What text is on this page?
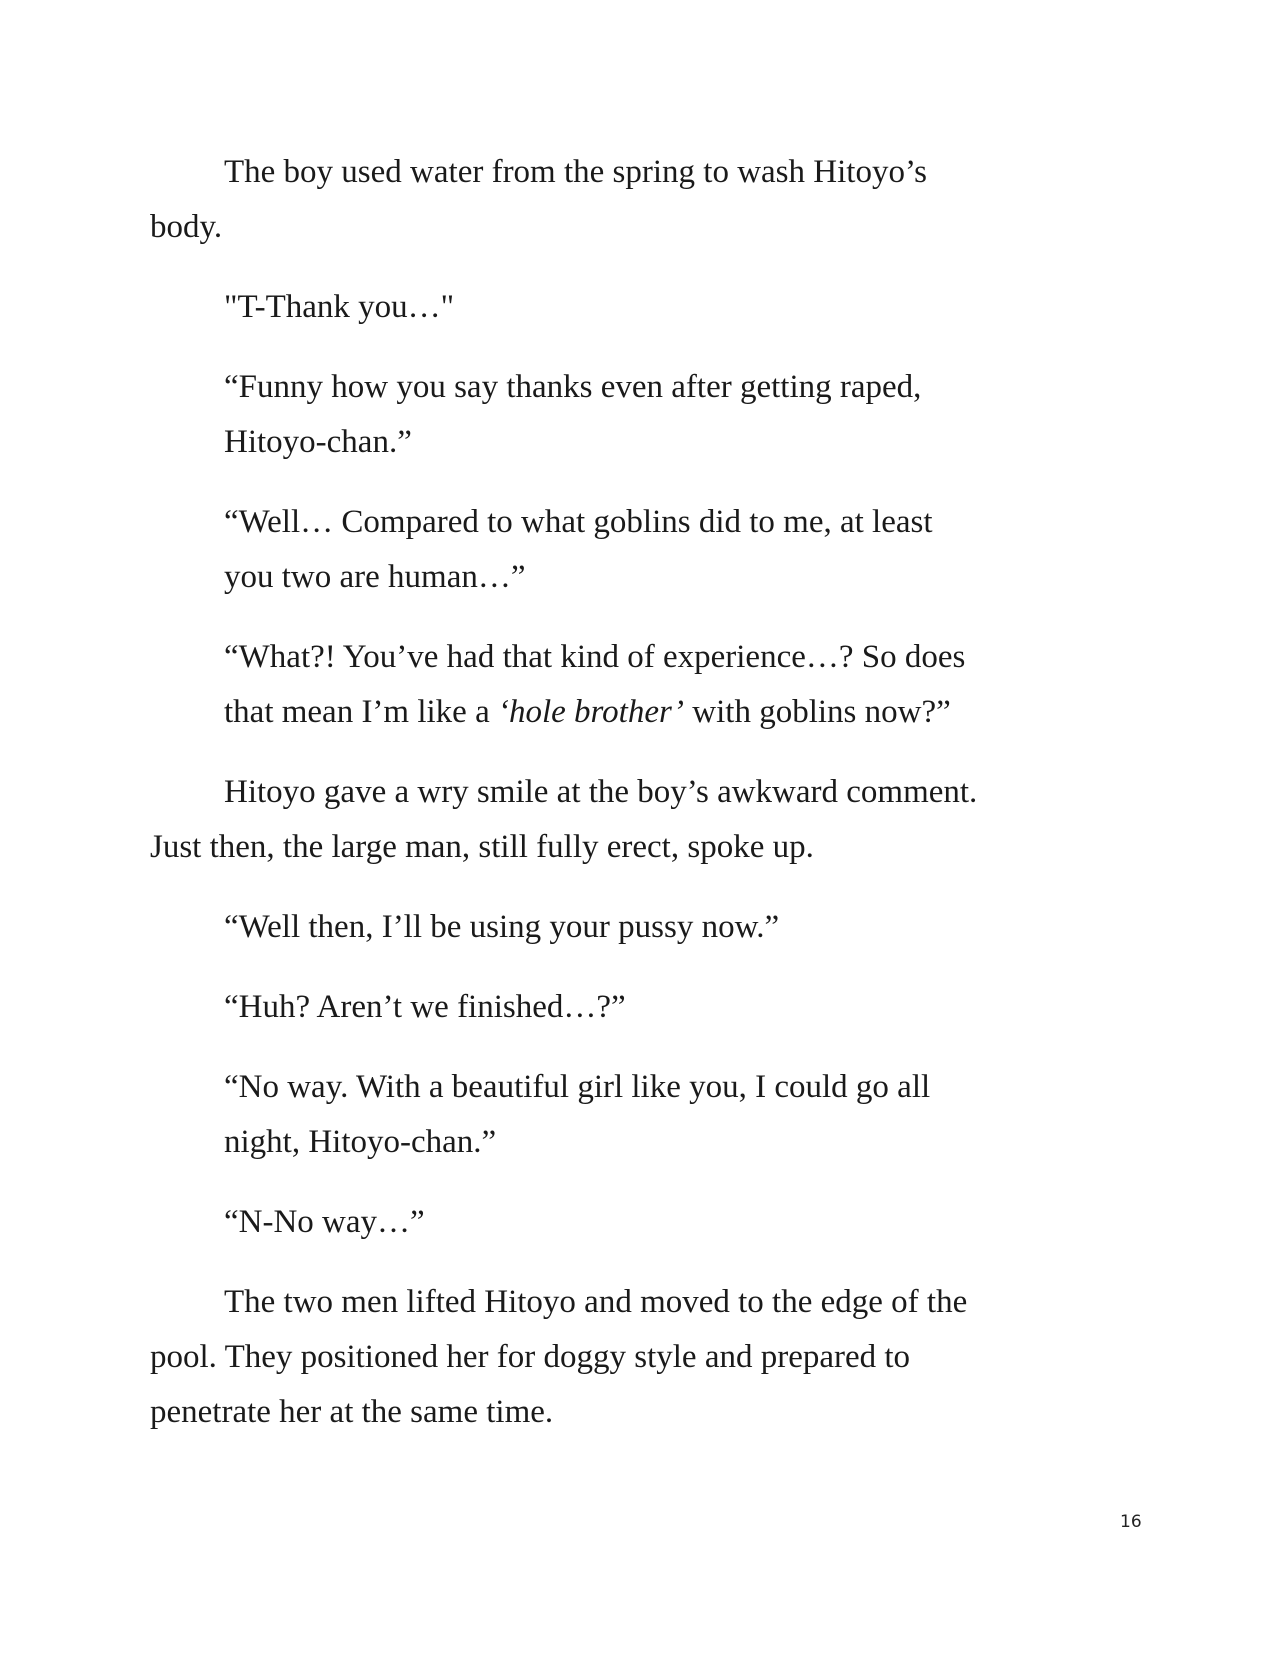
The boy used water from the spring to wash Hitoyo’s
body.
"T-Thank you…"
“Funny how you say thanks even after getting raped,
Hitoyo-chan.”
“Well… Compared to what goblins did to me, at least
you two are human…”
“What?! You’ve had that kind of experience…? So does
that mean I’m like a ‘hole brother’ with goblins now?”
Hitoyo gave a wry smile at the boy’s awkward comment.
Just then, the large man, still fully erect, spoke up.
“Well then, I’ll be using your pussy now.”
“Huh? Aren’t we finished…?”
“No way. With a beautiful girl like you, I could go all
night, Hitoyo-chan.”
“N-No way…”
The two men lifted Hitoyo and moved to the edge of the
pool. They positioned her for doggy style and prepared to
penetrate her at the same time.
16
